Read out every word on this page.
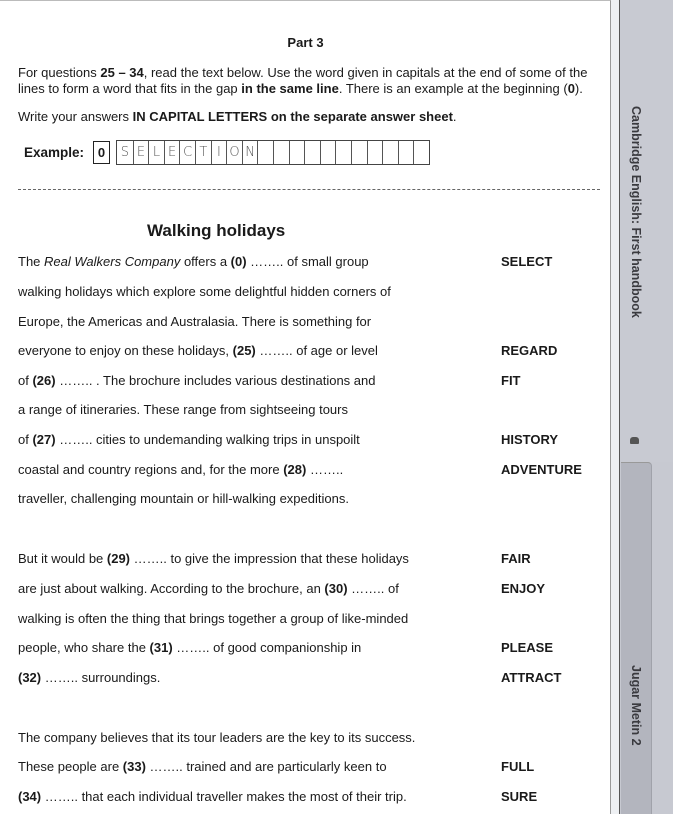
Part 3
For questions 25 – 34, read the text below. Use the word given in capitals at the end of some of the lines to form a word that fits in the gap in the same line. There is an example at the beginning (0).
Write your answers IN CAPITAL LETTERS on the separate answer sheet.
Example:	0	S E L E C T I O N
Walking holidays
The Real Walkers Company offers a (0) …….. of small group	SELECT
walking holidays which explore some delightful hidden corners of
Europe, the Americas and Australasia. There is something for
everyone to enjoy on these holidays, (25) …….. of age or level	REGARD
of (26) …….. . The brochure includes various destinations and	FIT
a range of itineraries. These range from sightseeing tours
of (27) …….. cities to undemanding walking trips in unspoilt	HISTORY
coastal and country regions and, for the more (28) ……..	ADVENTURE
traveller, challenging mountain or hill-walking expeditions.
But it would be (29) …….. to give the impression that these holidays	FAIR
are just about walking. According to the brochure, an (30) …….. of	ENJOY
walking is often the thing that brings together a group of like-minded
people, who share the (31) …….. of good companionship in	PLEASE
(32) …….. surroundings.	ATTRACT
The company believes that its tour leaders are the key to its success.
These people are (33) …….. trained and are particularly keen to	FULL
(34) …….. that each individual traveller makes the most of their trip.	SURE
Cambridge English: First handbook
Jugar Metin 2
